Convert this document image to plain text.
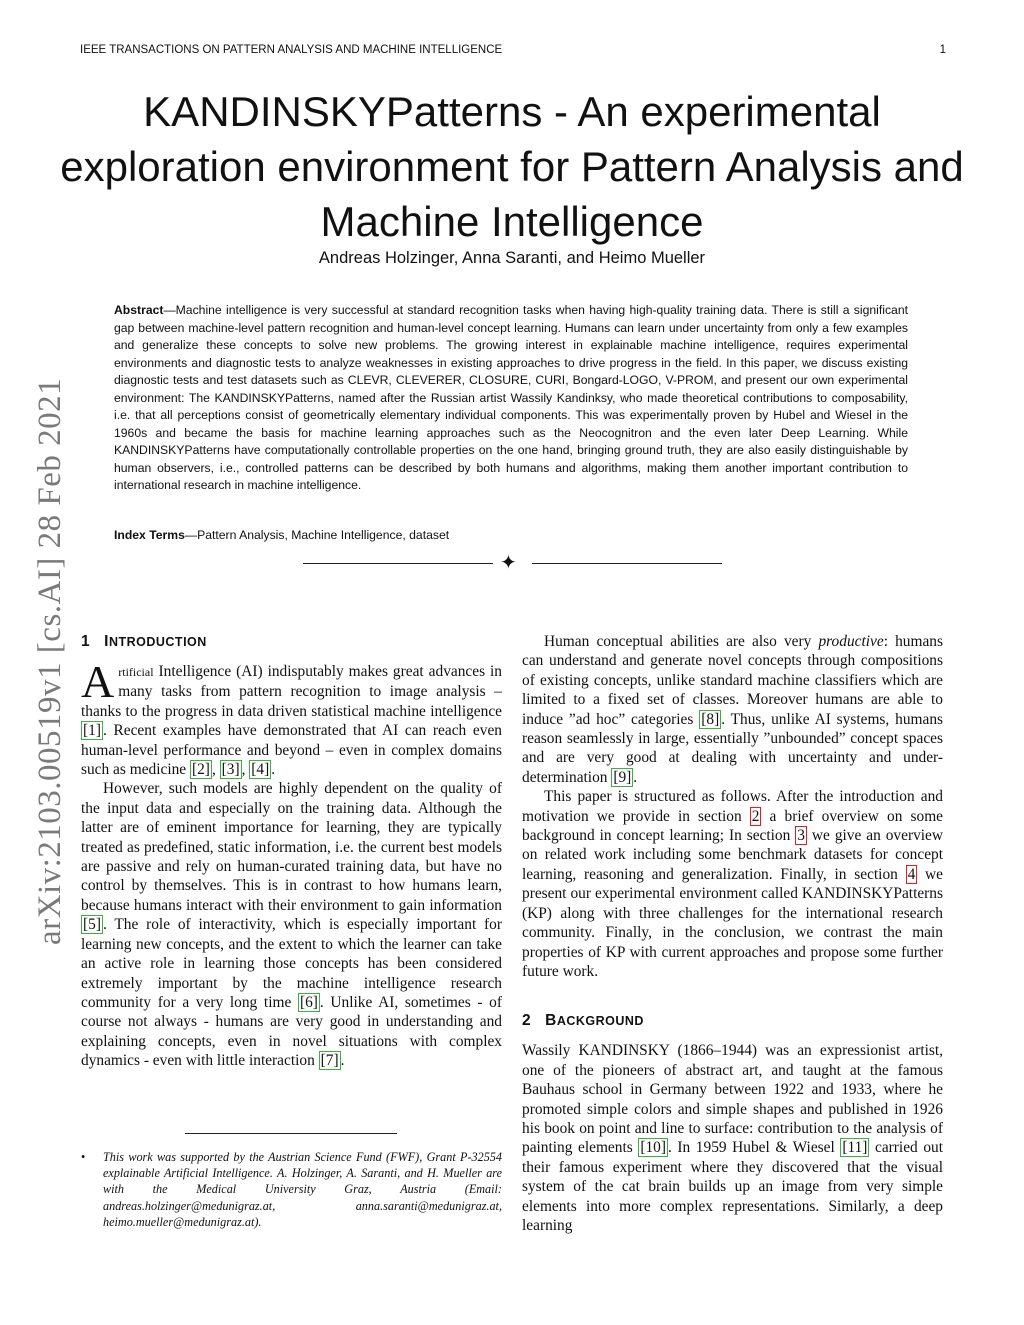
IEEE TRANSACTIONS ON PATTERN ANALYSIS AND MACHINE INTELLIGENCE	1
arXiv:2103.00519v1 [cs.AI] 28 Feb 2021
KANDINSKYPatterns - An experimental
exploration environment for Pattern Analysis and
Machine Intelligence
Andreas Holzinger, Anna Saranti, and Heimo Mueller

Abstract—Machine intelligence is very successful at standard recognition tasks when having high-quality training data. There is still a significant gap between machine-level pattern recognition and human-level concept learning. Humans can learn under uncertainty from only a few examples and generalize these concepts to solve new problems. The growing interest in explainable machine intelligence, requires experimental environments and diagnostic tests to analyze weaknesses in existing approaches to drive progress in the field. In this paper, we discuss existing diagnostic tests and test datasets such as CLEVR, CLEVERER, CLOSURE, CURI, Bongard-LOGO, V-PROM, and present our own experimental environment: The KANDINSKYPatterns, named after the Russian artist Wassily Kandinksy, who made theoretical contributions to composability, i.e. that all perceptions consist of geometrically elementary individual components. This was experimentally proven by Hubel and Wiesel in the 1960s and became the basis for machine learning approaches such as the Neocognitron and the even later Deep Learning. While KANDINSKYPatterns have computationally controllable properties on the one hand, bringing ground truth, they are also easily distinguishable by human observers, i.e., controlled patterns can be described by both humans and algorithms, making them another important contribution to international research in machine intelligence.

Index Terms—Pattern Analysis, Machine Intelligence, dataset
✦
1 INTRODUCTION

Artificial Intelligence (AI) indisputably makes great advances in many tasks from pattern recognition to image analysis – thanks to the progress in data driven statistical machine intelligence [1] . Recent examples have demonstrated that AI can reach even human-level performance and beyond – even in complex domains such as medicine [2] , [3] , [4] .

However, such models are highly dependent on the quality of the input data and especially on the training data. Although the latter are of eminent importance for learning, they are typically treated as predefined, static information, i.e. the current best models are passive and rely on human-curated training data, but have no control by themselves. This is in contrast to how humans learn, because humans interact with their environment to gain information [5] . The role of interactivity, which is especially important for learning new concepts, and the extent to which the learner can take an active role in learning those concepts has been considered extremely important by the machine intelligence research community for a very long time [6] . Unlike AI, sometimes - of course not always - humans are very good in understanding and explaining concepts, even in novel situations with complex dynamics - even with little interaction [7] .

• This work was supported by the Austrian Science Fund (FWF), Grant P-32554 explainable Artificial Intelligence. A. Holzinger, A. Saranti, and H. Mueller are with the Medical University Graz, Austria (Email: andreas.holzinger@medunigraz.at, anna.saranti@medunigraz.at, heimo.mueller@medunigraz.at).

Human conceptual abilities are also very productive: humans can understand and generate novel concepts through compositions of existing concepts, unlike standard machine classifiers which are limited to a fixed set of classes. Moreover humans are able to induce ”ad hoc” categories [8] . Thus, unlike AI systems, humans reason seamlessly in large, essentially ”unbounded” concept spaces and are very good at dealing with uncertainty and under-determination [9] .

This paper is structured as follows. After the introduction and motivation we provide in section 2 a brief overview on some background in concept learning; In section 3 we give an overview on related work including some benchmark datasets for concept learning, reasoning and generalization. Finally, in section 4 we present our experimental environment called KANDINSKYPatterns (KP) along with three challenges for the international research community. Finally, in the conclusion, we contrast the main properties of KP with current approaches and propose some further future work.

2 BACKGROUND

Wassily KANDINSKY (1866–1944) was an expressionist artist, one of the pioneers of abstract art, and taught at the famous Bauhaus school in Germany between 1922 and 1933, where he promoted simple colors and simple shapes and published in 1926 his book on point and line to surface: contribution to the analysis of painting elements [10] . In 1959 Hubel & Wiesel [11] carried out their famous experiment where they discovered that the visual system of the cat brain builds up an image from very simple elements into more complex representations. Similarly, a deep learning
